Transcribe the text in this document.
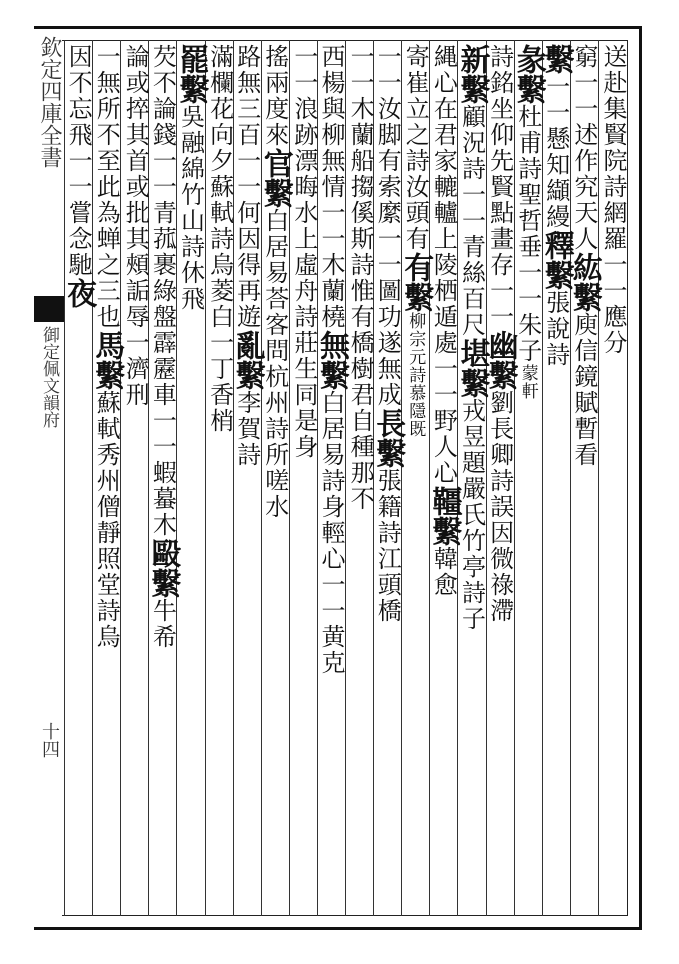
欽定四庫全書
御定佩文韻府
十四
送赴集賢院詩網羅一一應分
窮一一述作究天人紘繫庾信鏡賦暫看
繫一一懸知纈縵釋繫張說詩
彖繫杜甫詩聖哲垂一一朱子蒙軒
詩銘坐仰先賢點畫存一一幽繫劉長卿詩誤因微祿滯
新繫顧況詩一一青絲百尺堪繫戎昱題嚴氏竹亭詩子
縄心在君家轆轤上陵栖遁處一一野人心韁繫韓愈
寄崔立之詩汝頭有有繫柳宗元詩慕隱既
一一汝脚有索縻一一圖功遂無成長繫張籍詩江頭橋
一一木蘭船搊傒斯詩惟有橋樹君自種那不
西楊與柳無情一一木蘭橈無繫白居易詩身輕心一一黄克
一一浪跡漂晦水上虛舟詩莊生同是身
搖兩度來官繫白居易荅客問杭州詩所嗟水
路無三百一一何因得再遊亂繫李賀詩
滿欄花向夕蘇軾詩烏菱白一丁香梢
罷繫吳融綿竹山詩休飛
芡不論錢一一青菰裹綠盤霹靂車一一蝦蟇木毆繫牛希
論或捽其首或批其頰詬辱一濟刑
一無所不至此為蝉之三也馬繫蘇軾秀州僧靜照堂詩烏
因不忘飛一一嘗念馳夜
